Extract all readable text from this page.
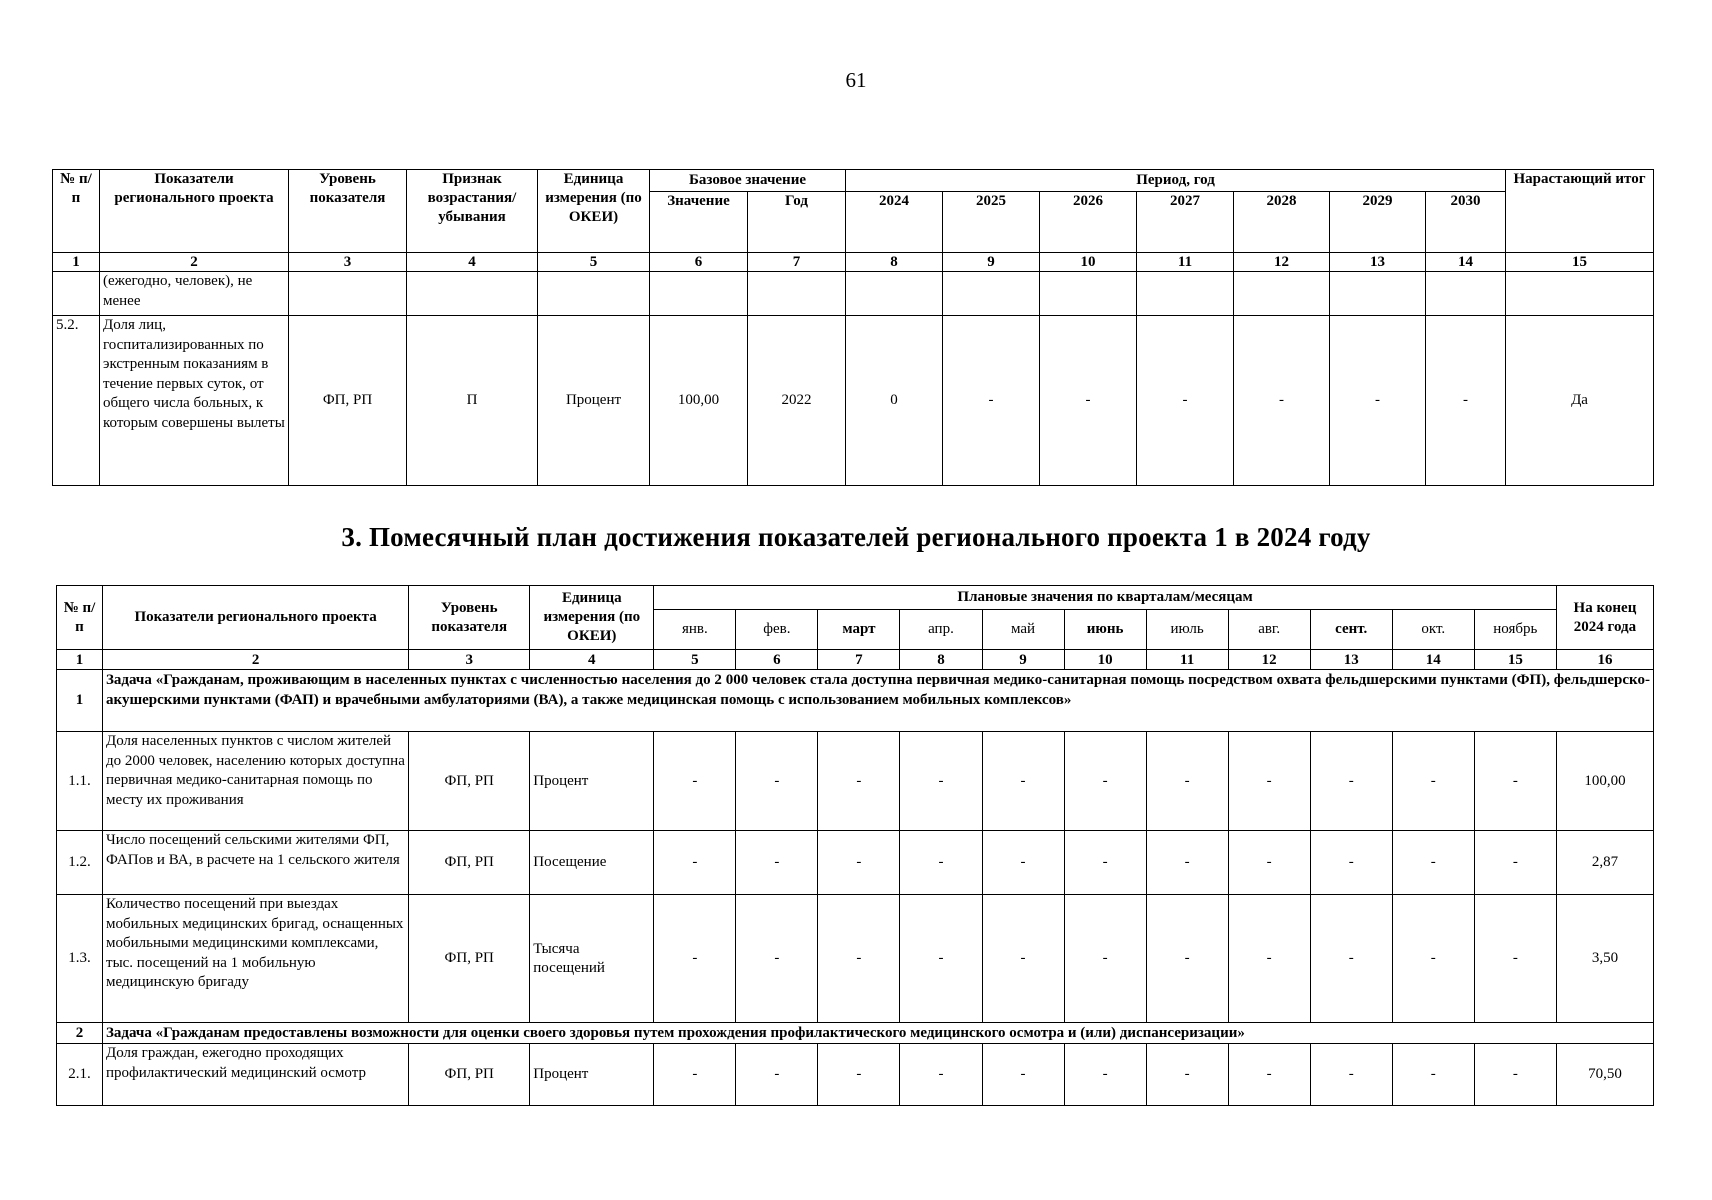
61
№ п/п	Показатели регионального проекта	Уровень показателя	Признак возрастания/ убывания	Единица измерения (по ОКЕИ)	Базовое значение		Период, год							Нарастающий итог
					Значение	Год	2024	2025	2026	2027	2028	2029	2030	
1	2	3	4	5	6	7	8	9	10	11	12	13	14	15
	(ежегодно, человек), не менее													
5.2.	Доля лиц, госпитализированных по экстренным показаниям в течение первых суток, от общего числа больных, к которым совершены вылеты	ФП, РП	П	Процент	100,00	2022	0	-	-	-	-	-	-	Да
3. Помесячный план достижения показателей регионального проекта 1 в 2024 году
№ п/п	Показатели регионального проекта	Уровень показателя	Единица измерения (по ОКЕИ)	Плановые значения по кварталам/месяцам											На конец 2024 года
				янв.	фев.	март	апр.	май	июнь	июль	авг.	сент.	окт.	ноябрь	
1	2	3	4	5	6	7	8	9	10	11	12	13	14	15	16
1	Задача «Гражданам, проживающим в населенных пунктах с численностью населения до 2 000 человек стала доступна первичная медико-санитарная помощь посредством охвата фельдшерскими пунктами (ФП), фельдшерско-акушерскими пунктами (ФАП) и врачебными амбулаториями (ВА), а также медицинская помощь с использованием мобильных комплексов»														
1.1.	Доля населенных пунктов с числом жителей до 2000 человек, населению которых доступна первичная медико-санитарная помощь по месту их проживания	ФП, РП	Процент	-	-	-	-	-	-	-	-	-	-	-	100,00
1.2.	Число посещений сельскими жителями ФП, ФАПов и ВА, в расчете на 1 сельского жителя	ФП, РП	Посещение	-	-	-	-	-	-	-	-	-	-	-	2,87
1.3.	Количество посещений при выездах мобильных медицинских бригад, оснащенных мобильными медицинскими комплексами, тыс. посещений на 1 мобильную медицинскую бригаду	ФП, РП	Тысяча посещений	-	-	-	-	-	-	-	-	-	-	-	3,50
2	Задача «Гражданам предоставлены возможности для оценки своего здоровья путем прохождения профилактического медицинского осмотра и (или) диспансеризации»														
2.1.	Доля граждан, ежегодно проходящих профилактический медицинский осмотр	ФП, РП	Процент	-	-	-	-	-	-	-	-	-	-	-	70,50
